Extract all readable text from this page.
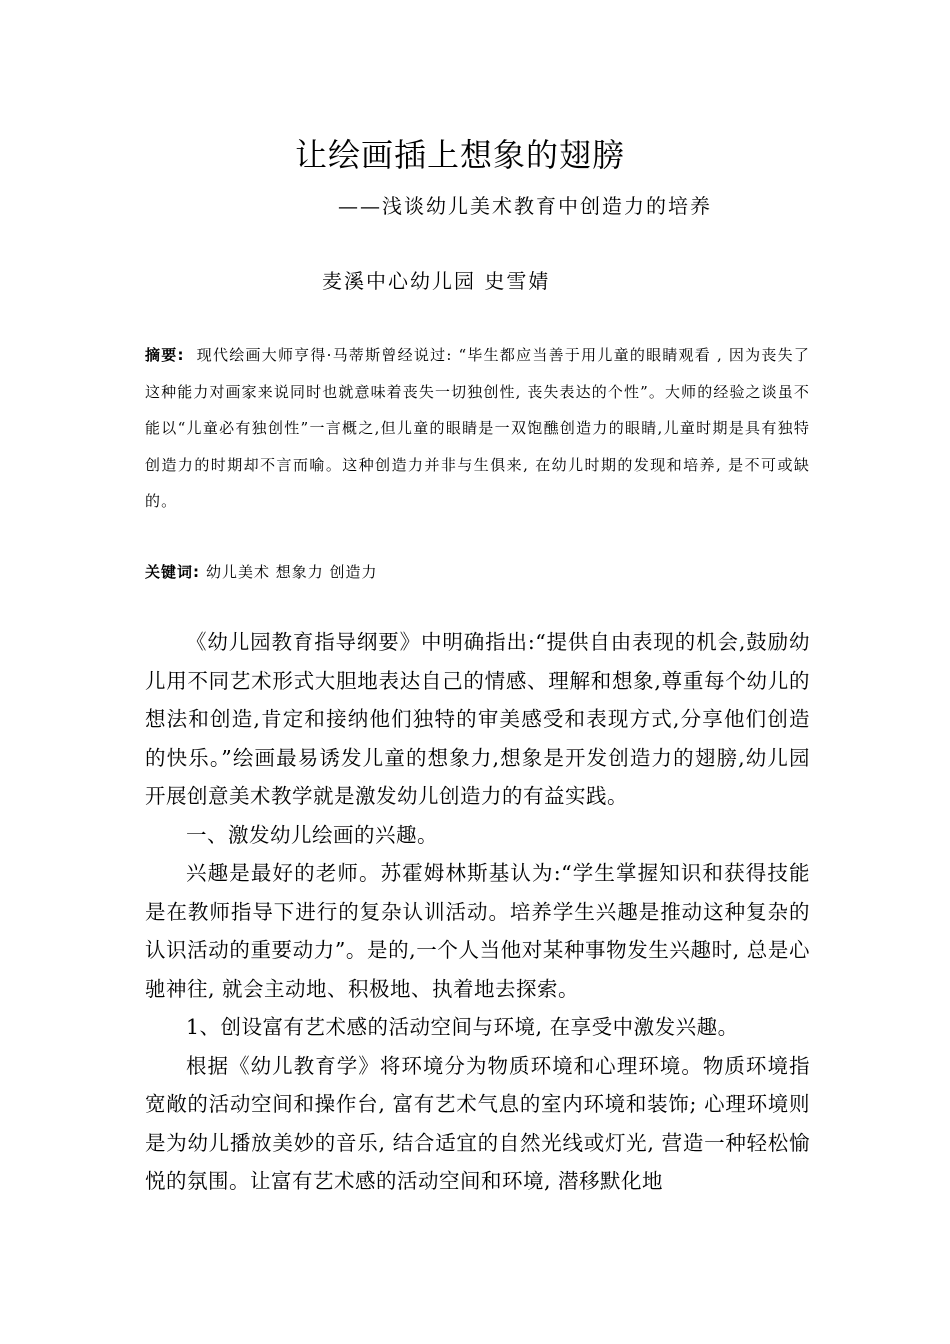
让绘画插上想象的翅膀
——浅谈幼儿美术教育中创造力的培养
麦溪中心幼儿园 史雪婧

摘要: 现代绘画大师亨得·马蒂斯曾经说过: “毕生都应当善于用儿童的眼睛观看 , 因为丧失了这种能力对画家来说同时也就意味着丧失一切独创性, 丧失表达的个性”。大师的经验之谈虽不能以“儿童必有独创性”一言概之,但儿童的眼睛是一双饱醮创造力的眼睛,儿童时期是具有独特创造力的时期却不言而喻。这种创造力并非与生俱来, 在幼儿时期的发现和培养, 是不可或缺的。

关键词: 幼儿美术 想象力 创造力

《幼儿园教育指导纲要》中明确指出:“提供自由表现的机会,鼓励幼儿用不同艺术形式大胆地表达自己的情感、理解和想象,尊重每个幼儿的想法和创造,肯定和接纳他们独特的审美感受和表现方式,分享他们创造的快乐。”绘画最易诱发儿童的想象力,想象是开发创造力的翅膀,幼儿园开展创意美术教学就是激发幼儿创造力的有益实践。

一、激发幼儿绘画的兴趣。

兴趣是最好的老师。苏霍姆林斯基认为:“学生掌握知识和获得技能是在教师指导下进行的复杂认训活动。培养学生兴趣是推动这种复杂的认识活动的重要动力”。是的,一个人当他对某种事物发生兴趣时, 总是心驰神往, 就会主动地、积极地、执着地去探索。

1、创设富有艺术感的活动空间与环境, 在享受中激发兴趣。

根据《幼儿教育学》将环境分为物质环境和心理环境。物质环境指宽敞的活动空间和操作台, 富有艺术气息的室内环境和装饰; 心理环境则是为幼儿播放美妙的音乐, 结合适宜的自然光线或灯光, 营造一种轻松愉悦的氛围。让富有艺术感的活动空间和环境, 潜移默化地
